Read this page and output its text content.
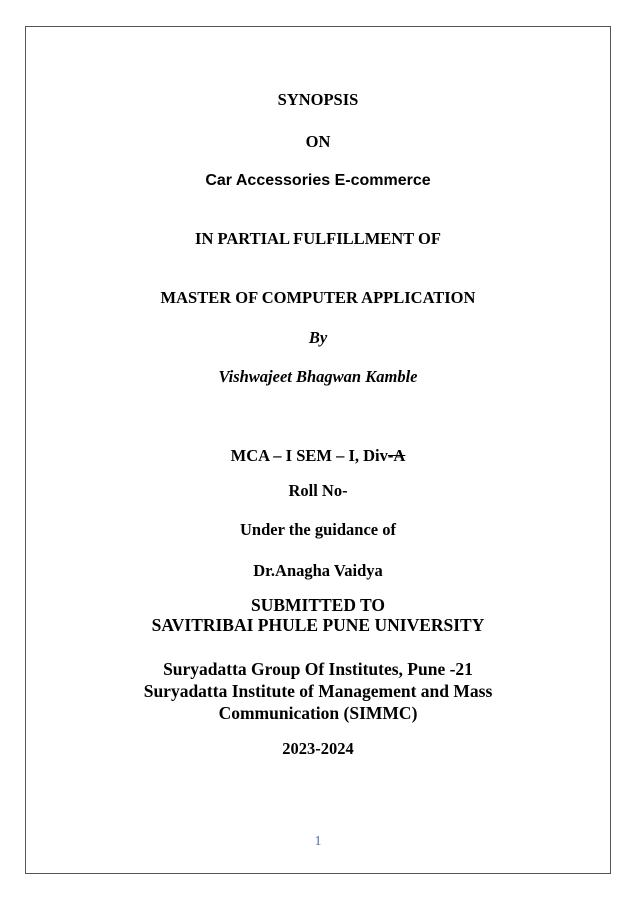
SYNOPSIS
ON
Car Accessories E-commerce
IN PARTIAL FULFILLMENT OF
MASTER OF COMPUTER APPLICATION
By
Vishwajeet Bhagwan Kamble
MCA – I SEM – I, Div-A
Roll No-
Under the guidance of
Dr.Anagha Vaidya
SUBMITTED TO
SAVITRIBAI PHULE PUNE UNIVERSITY
Suryadatta Group Of Institutes, Pune -21
Suryadatta Institute of Management and Mass
Communication (SIMMC)
2023-2024
1
